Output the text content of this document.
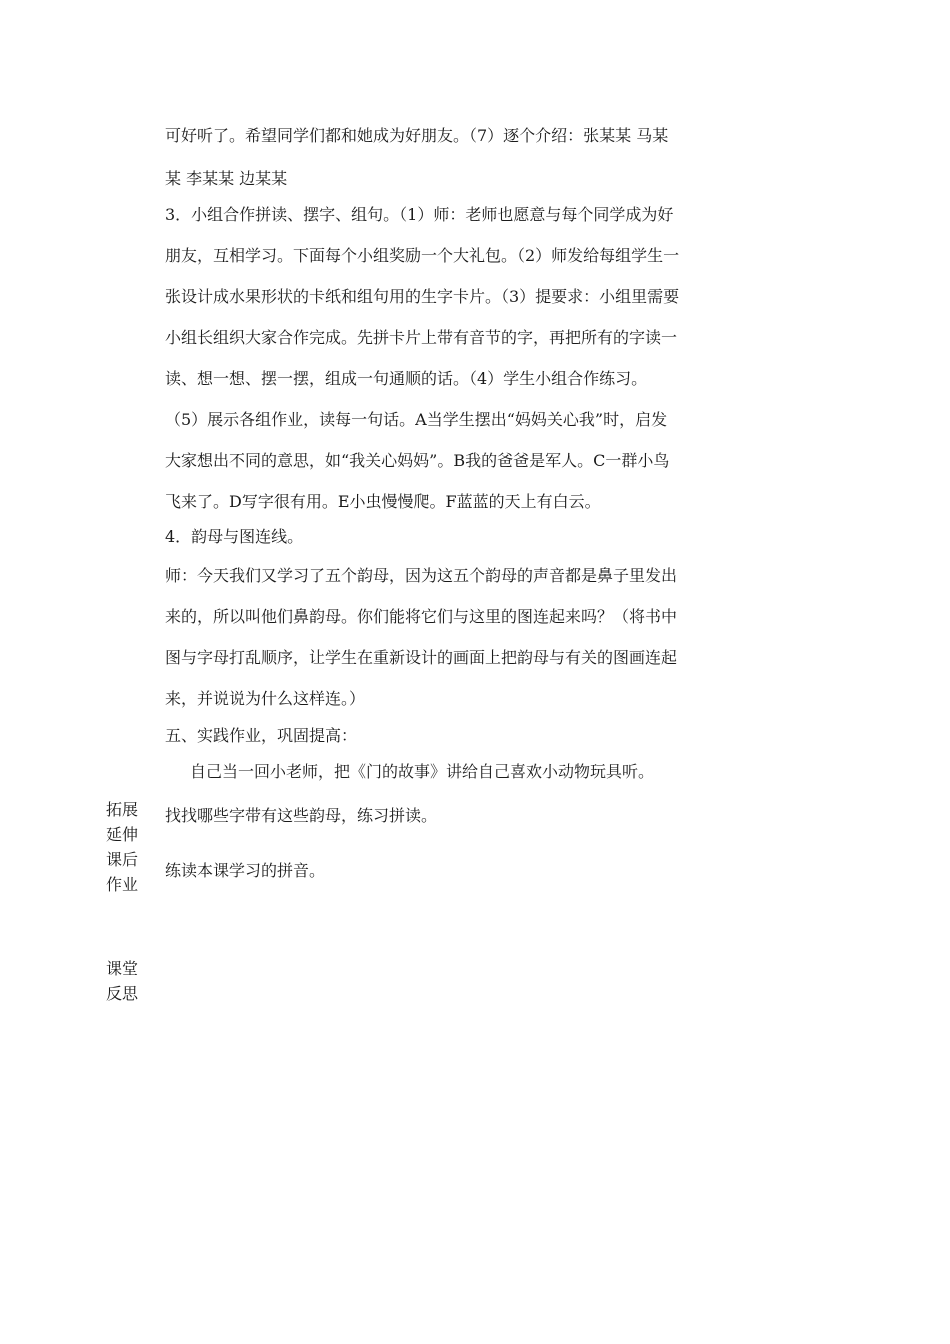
可好听了。希望同学们都和她成为好朋友。（7）逐个介绍：张某某 马某
某 李某某 边某某
3．小组合作拼读、摆字、组句。（1）师：老师也愿意与每个同学成为好
朋友，互相学习。下面每个小组奖励一个大礼包。（2）师发给每组学生一
张设计成水果形状的卡纸和组句用的生字卡片。（3）提要求：小组里需要
小组长组织大家合作完成。先拼卡片上带有音节的字，再把所有的字读一
读、想一想、摆一摆，组成一句通顺的话。（4）学生小组合作练习。
（5）展示各组作业，读每一句话。A当学生摆出“妈妈关心我”时，启发
大家想出不同的意思，如“我关心妈妈”。B我的爸爸是军人。C一群小鸟
飞来了。D写字很有用。E小虫慢慢爬。F蓝蓝的天上有白云。
4．韵母与图连线。
师：今天我们又学习了五个韵母，因为这五个韵母的声音都是鼻子里发出
来的，所以叫他们鼻韵母。你们能将它们与这里的图连起来吗？（将书中
图与字母打乱顺序，让学生在重新设计的画面上把韵母与有关的图画连起
来，并说说为什么这样连。）
五、实践作业，巩固提高：
自己当一回小老师，把《门的故事》讲给自己喜欢小动物玩具听。
拓展
延伸
课后
作业
找找哪些字带有这些韵母，练习拼读。
练读本课学习的拼音。
课堂
反思
